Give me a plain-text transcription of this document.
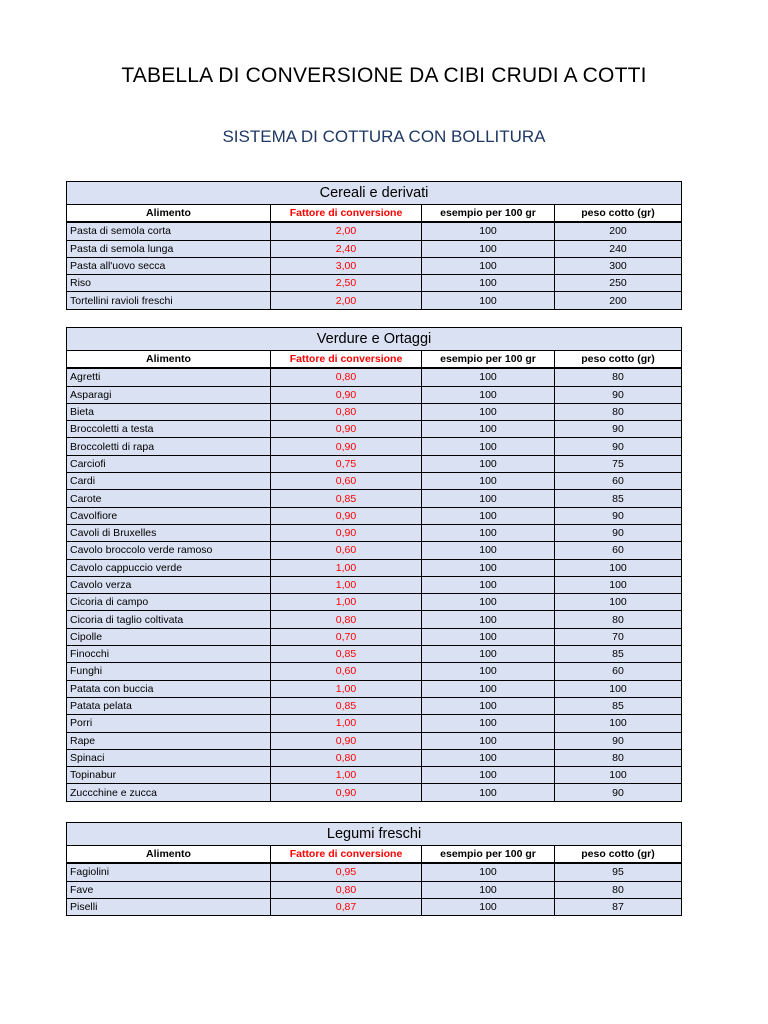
TABELLA DI CONVERSIONE DA CIBI CRUDI A COTTI
SISTEMA DI COTTURA CON BOLLITURA
Cereali e derivati			
Alimento	Fattore di conversione	esempio per 100 gr	peso cotto (gr)
Pasta di semola corta	2,00	100	200
Pasta di semola lunga	2,40	100	240
Pasta all'uovo secca	3,00	100	300
Riso	2,50	100	250
Tortellini ravioli freschi	2,00	100	200
Verdure e Ortaggi			
Alimento	Fattore di conversione	esempio per 100 gr	peso cotto (gr)
Agretti	0,80	100	80
Asparagi	0,90	100	90
Bieta	0,80	100	80
Broccoletti a testa	0,90	100	90
Broccoletti di rapa	0,90	100	90
Carciofi	0,75	100	75
Cardi	0,60	100	60
Carote	0,85	100	85
Cavolfiore	0,90	100	90
Cavoli di Bruxelles	0,90	100	90
Cavolo broccolo verde ramoso	0,60	100	60
Cavolo cappuccio verde	1,00	100	100
Cavolo verza	1,00	100	100
Cicoria di campo	1,00	100	100
Cicoria di taglio coltivata	0,80	100	80
Cipolle	0,70	100	70
Finocchi	0,85	100	85
Funghi	0,60	100	60
Patata con buccia	1,00	100	100
Patata pelata	0,85	100	85
Porri	1,00	100	100
Rape	0,90	100	90
Spinaci	0,80	100	80
Topinabur	1,00	100	100
Zuccchine e zucca	0,90	100	90
Legumi freschi			
Alimento	Fattore di conversione	esempio per 100 gr	peso cotto (gr)
Fagiolini	0,95	100	95
Fave	0,80	100	80
Piselli	0,87	100	87
